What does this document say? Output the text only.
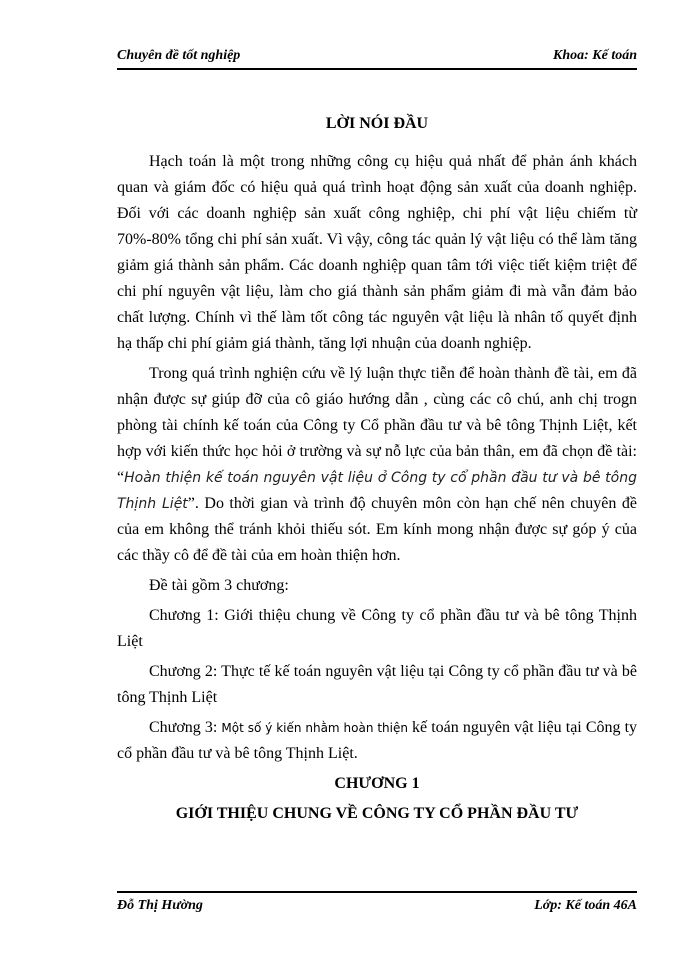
Chuyên đề tốt nghiệp	Khoa: Kế toán
LỜI NÓI ĐẦU

Hạch toán là một trong những công cụ hiệu quả nhất để phản ánh khách quan và giám đốc có hiệu quả quá trình hoạt động sản xuất của doanh nghiệp. Đối với các doanh nghiệp sản xuất công nghiệp, chi phí vật liệu chiếm từ 70%-80% tổng chi phí sản xuất. Vì vậy, công tác quản lý vật liệu có thể làm tăng giảm giá thành sản phẩm. Các doanh nghiệp quan tâm tới việc tiết kiệm triệt để chi phí nguyên vật liệu, làm cho giá thành sản phẩm giảm đi mà vẫn đảm bảo chất lượng. Chính vì thế làm tốt công tác nguyên vật liệu là nhân tố quyết định hạ thấp chi phí giảm giá thành, tăng lợi nhuận của doanh nghiệp.

Trong quá trình nghiện cứu về lý luận thực tiễn để hoàn thành đề tài, em đã nhận được sự giúp đỡ của cô giáo hướng dẫn , cùng các cô chú, anh chị trogn phòng tài chính kế toán của Công ty Cổ phần đầu tư và bê tông Thịnh Liệt, kết hợp với kiến thức học hỏi ở trường và sự nỗ lực của bản thân, em đã chọn đề tài: “Hoàn thiện kế toán nguyên vật liệu ở Công ty cổ phần đầu tư và bê tông Thịnh Liệt”. Do thời gian và trình độ chuyên môn còn hạn chế nên chuyên đề của em không thể tránh khỏi thiếu sót. Em kính mong nhận được sự góp ý của các thầy cô để đề tài của em hoàn thiện hơn.

Đề tài gồm 3 chương:

Chương 1: Giới thiệu chung về Công ty cổ phần đầu tư và bê tông Thịnh Liệt

Chương 2: Thực tế kế toán nguyên vật liệu tại Công ty cổ phần đầu tư và bê tông Thịnh Liệt

Chương 3: Một số ý kiến nhằm hoàn thiện kế toán nguyên vật liệu tại Công ty cổ phần đầu tư và bê tông Thịnh Liệt.

CHƯƠNG 1
GIỚI THIỆU CHUNG VỀ CÔNG TY CỔ PHẦN ĐẦU TƯ
Đỗ Thị Hường	Lớp: Kế toán 46A
